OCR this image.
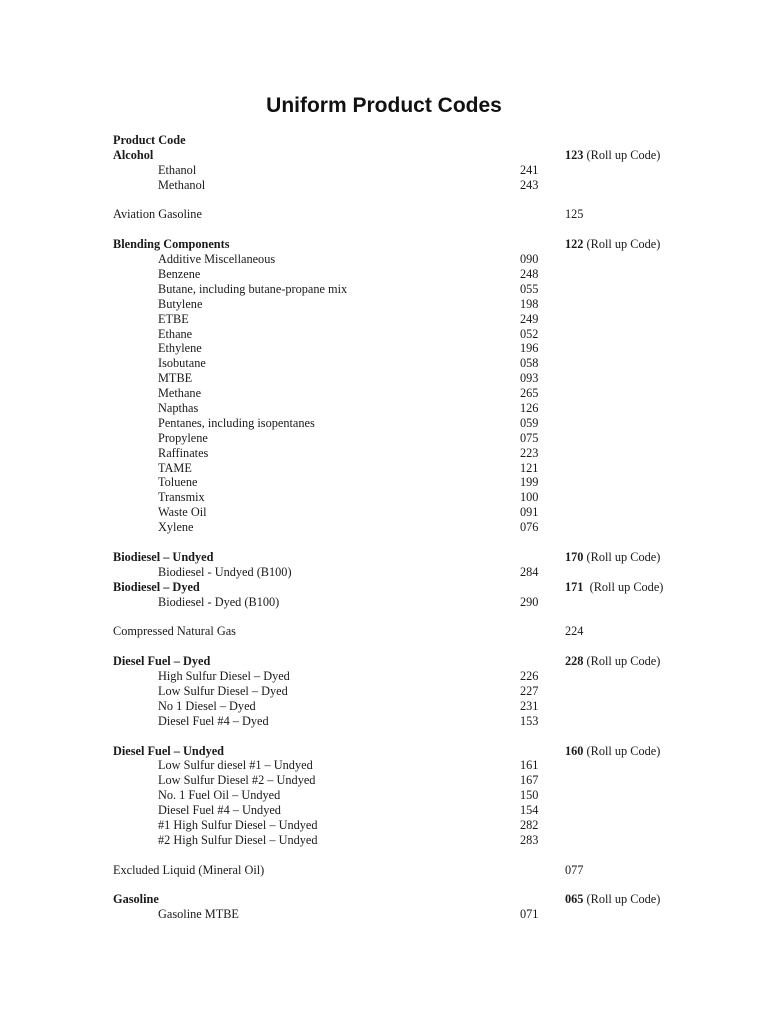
Uniform Product Codes
Product Code
Alcohol	123 (Roll up Code)
Ethanol	241
Methanol	243
Aviation Gasoline	125
Blending Components	122 (Roll up Code)
Additive Miscellaneous	090
Benzene	248
Butane, including butane-propane mix	055
Butylene	198
ETBE	249
Ethane	052
Ethylene	196
Isobutane	058
MTBE	093
Methane	265
Napthas	126
Pentanes, including isopentanes	059
Propylene	075
Raffinates	223
TAME	121
Toluene	199
Transmix	100
Waste Oil	091
Xylene	076
Biodiesel – Undyed	170 (Roll up Code)
Biodiesel - Undyed (B100)	284
Biodiesel – Dyed	171  (Roll up Code)
Biodiesel - Dyed (B100)	290
Compressed Natural Gas	224
Diesel Fuel – Dyed	228 (Roll up Code)
High Sulfur Diesel – Dyed	226
Low Sulfur Diesel – Dyed	227
No 1 Diesel – Dyed	231
Diesel Fuel #4 – Dyed	153
Diesel Fuel – Undyed	160 (Roll up Code)
Low Sulfur diesel #1 – Undyed	161
Low Sulfur Diesel #2 – Undyed	167
No. 1 Fuel Oil – Undyed	150
Diesel Fuel #4 – Undyed	154
#1 High Sulfur Diesel – Undyed	282
#2 High Sulfur Diesel – Undyed	283
Excluded Liquid (Mineral Oil)	077
Gasoline	065 (Roll up Code)
Gasoline MTBE	071
